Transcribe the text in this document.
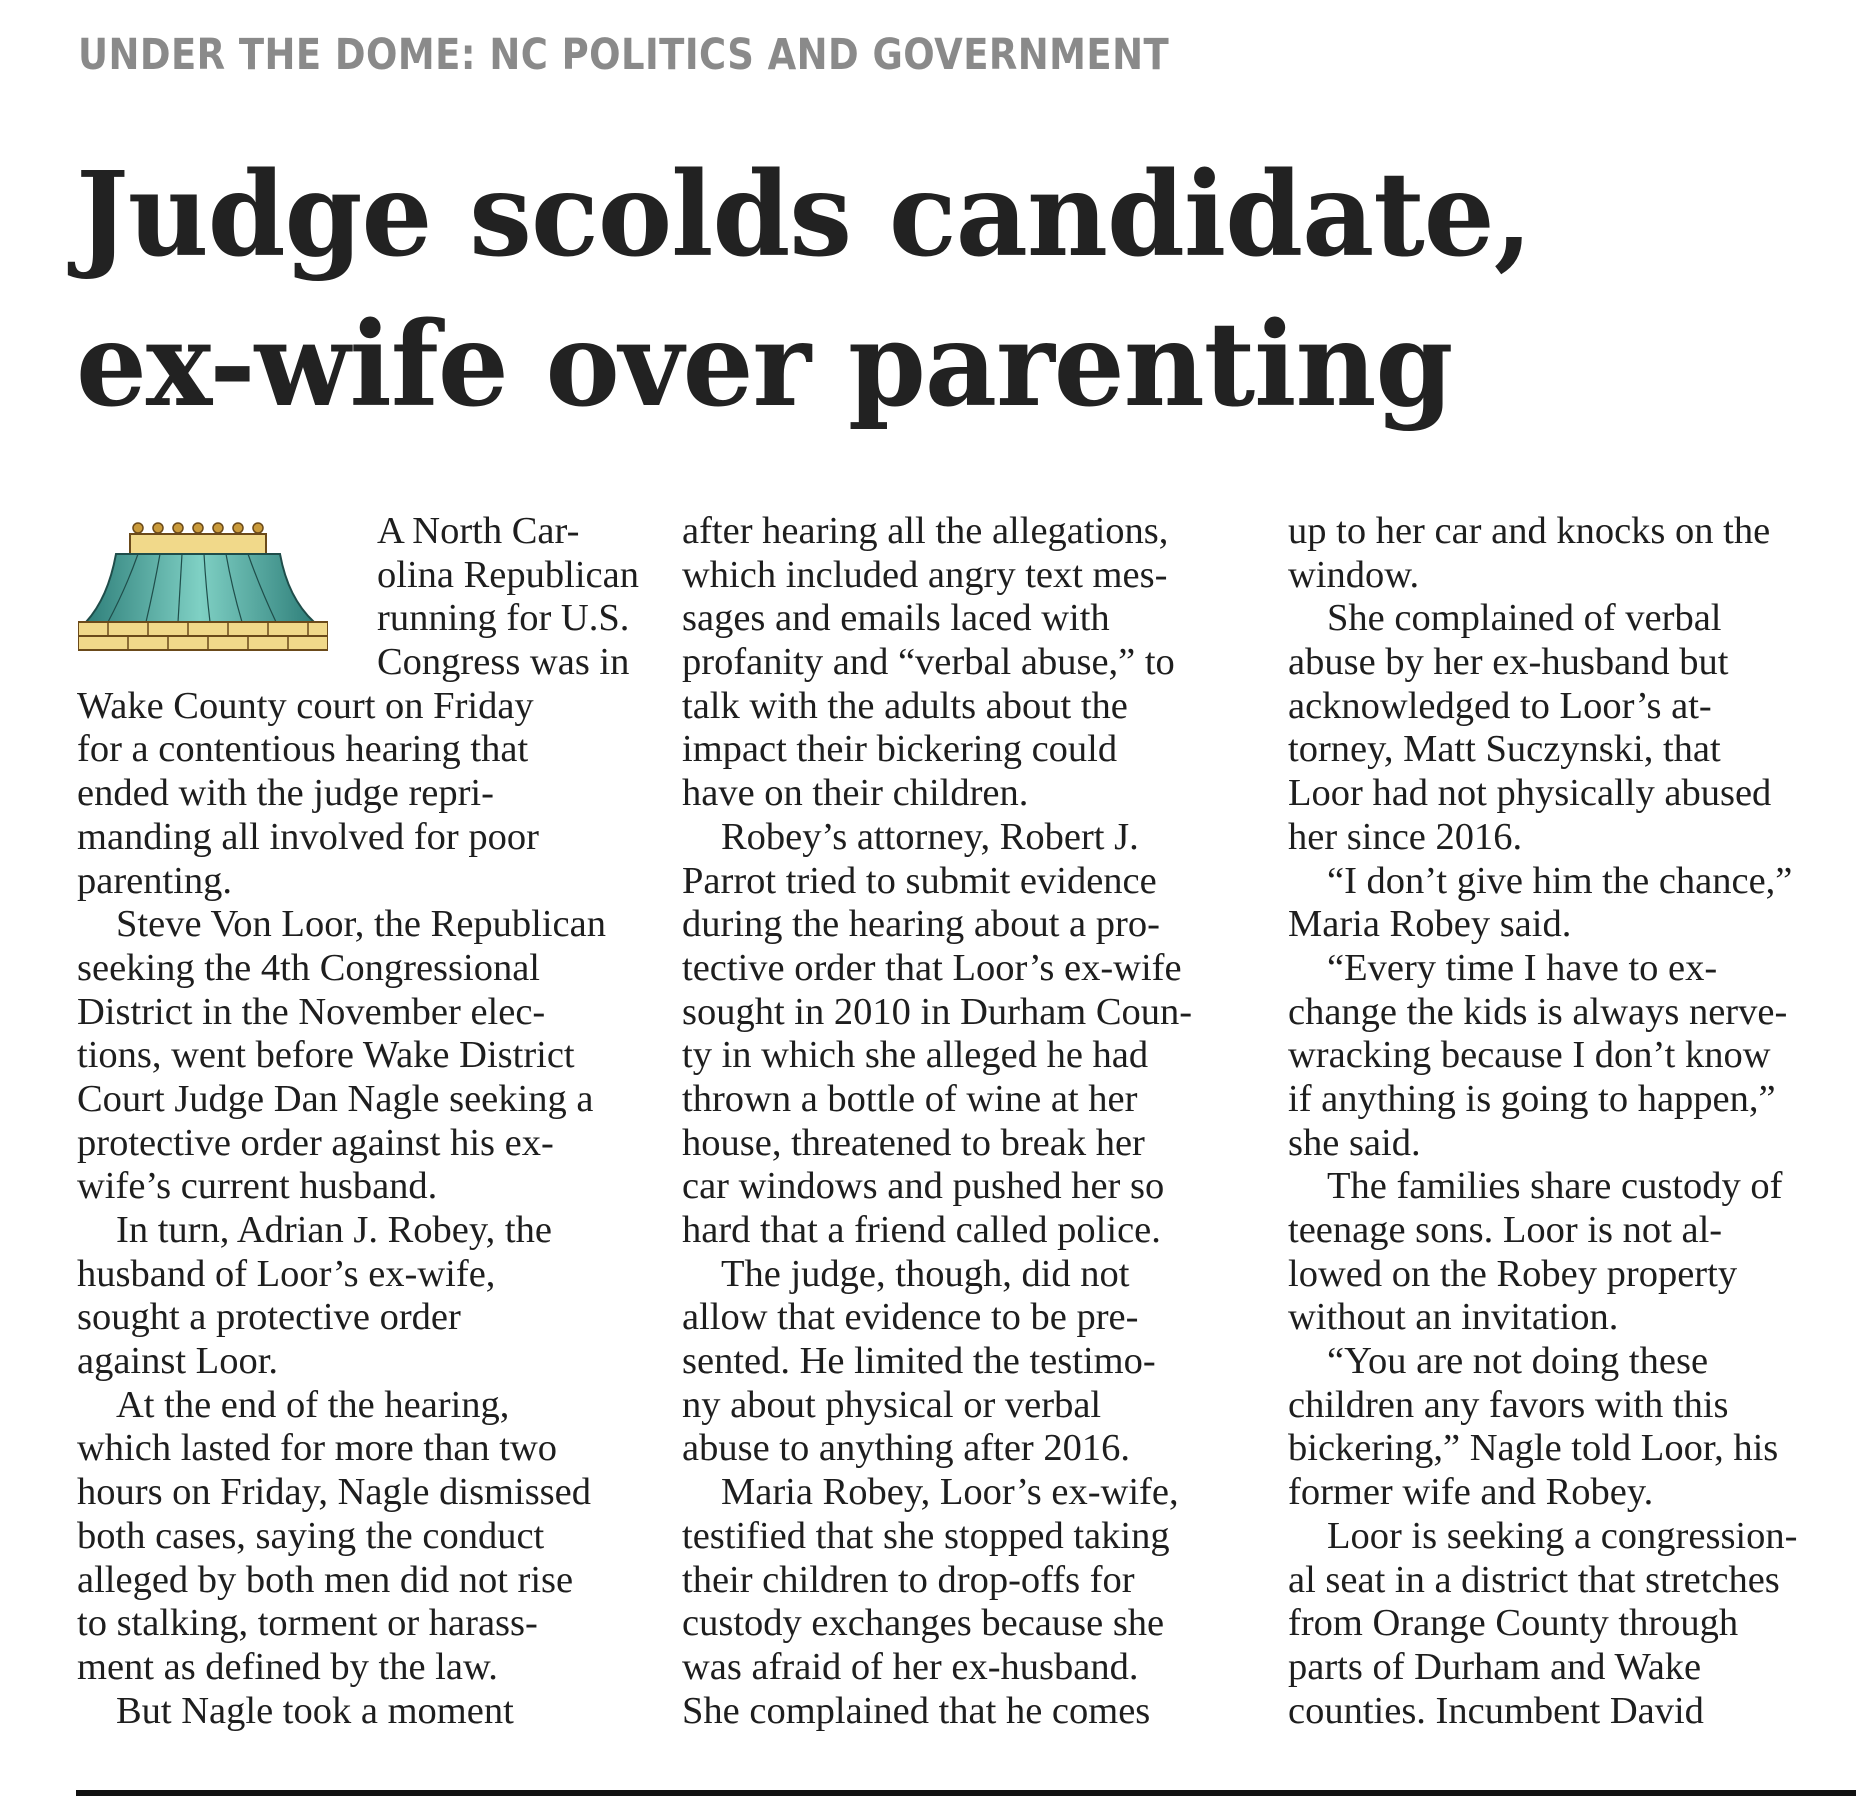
UNDER THE DOME: NC POLITICS AND GOVERNMENT
Judge scolds candidate,
ex-wife over parenting
A North Car-
olina Republican
running for U.S.
Congress was in
Wake County court on Friday
for a contentious hearing that
ended with the judge repri-
manding all involved for poor
parenting.
Steve Von Loor, the Republican
seeking the 4th Congressional
District in the November elec-
tions, went before Wake District
Court Judge Dan Nagle seeking a
protective order against his ex-
wife’s current husband.
In turn, Adrian J. Robey, the
husband of Loor’s ex-wife,
sought a protective order
against Loor.
At the end of the hearing,
which lasted for more than two
hours on Friday, Nagle dismissed
both cases, saying the conduct
alleged by both men did not rise
to stalking, torment or harass-
ment as defined by the law.
But Nagle took a moment
after hearing all the allegations,
which included angry text mes-
sages and emails laced with
profanity and “verbal abuse,” to
talk with the adults about the
impact their bickering could
have on their children.
Robey’s attorney, Robert J.
Parrot tried to submit evidence
during the hearing about a pro-
tective order that Loor’s ex-wife
sought in 2010 in Durham Coun-
ty in which she alleged he had
thrown a bottle of wine at her
house, threatened to break her
car windows and pushed her so
hard that a friend called police.
The judge, though, did not
allow that evidence to be pre-
sented. He limited the testimo-
ny about physical or verbal
abuse to anything after 2016.
Maria Robey, Loor’s ex-wife,
testified that she stopped taking
their children to drop-offs for
custody exchanges because she
was afraid of her ex-husband.
She complained that he comes
up to her car and knocks on the
window.
She complained of verbal
abuse by her ex-husband but
acknowledged to Loor’s at-
torney, Matt Suczynski, that
Loor had not physically abused
her since 2016.
“I don’t give him the chance,”
Maria Robey said.
“Every time I have to ex-
change the kids is always nerve-
wracking because I don’t know
if anything is going to happen,”
she said.
The families share custody of
teenage sons. Loor is not al-
lowed on the Robey property
without an invitation.
“You are not doing these
children any favors with this
bickering,” Nagle told Loor, his
former wife and Robey.
Loor is seeking a congression-
al seat in a district that stretches
from Orange County through
parts of Durham and Wake
counties. Incumbent David
